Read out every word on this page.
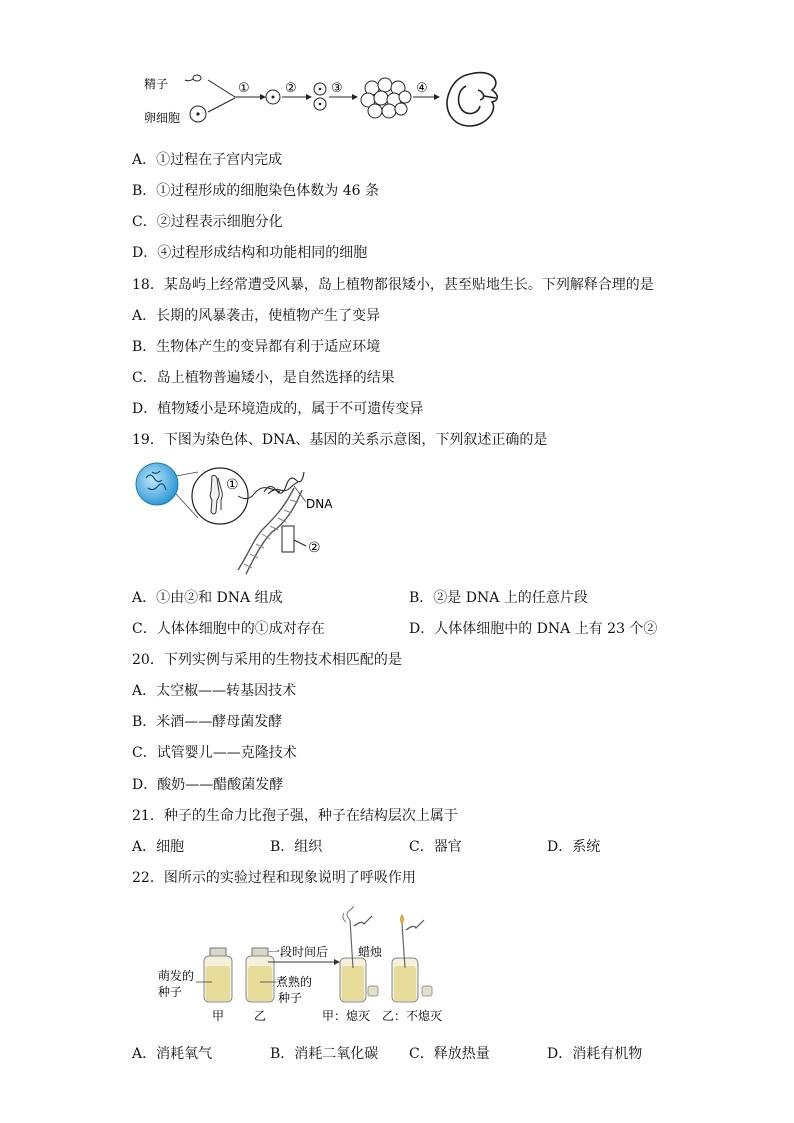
精子
卵细胞
①	②	③	④
A．①过程在子宫内完成
B．①过程形成的细胞染色体数为 46 条
C．②过程表示细胞分化
D．④过程形成结构和功能相同的细胞
18．某岛屿上经常遭受风暴，岛上植物都很矮小，甚至贴地生长。下列解释合理的是
A．长期的风暴袭击，使植物产生了变异
B．生物体产生的变异都有利于适应环境
C．岛上植物普遍矮小，是自然选择的结果
D．植物矮小是环境造成的，属于不可遗传变异
19．下图为染色体、DNA、基因的关系示意图，下列叙述正确的是
①
DNA
②
A．①由②和 DNA 组成	B．②是 DNA 上的任意片段
C．人体体细胞中的①成对存在	D．人体体细胞中的 DNA 上有 23 个②
20．下列实例与采用的生物技术相匹配的是
A．太空椒——转基因技术
B．米酒——酵母菌发酵
C．试管婴儿——克隆技术
D．酸奶——醋酸菌发酵
21．种子的生命力比孢子强，种子在结构层次上属于
A．细胞	B．组织	C．器官	D．系统
22．图所示的实验过程和现象说明了呼吸作用
萌发的
种子
煮熟的
种子
甲 乙
一段时间后 蜡烛
甲：熄灭　乙：不熄灭
A．消耗氧气	B．消耗二氧化碳 C．释放热量	D．消耗有机物
